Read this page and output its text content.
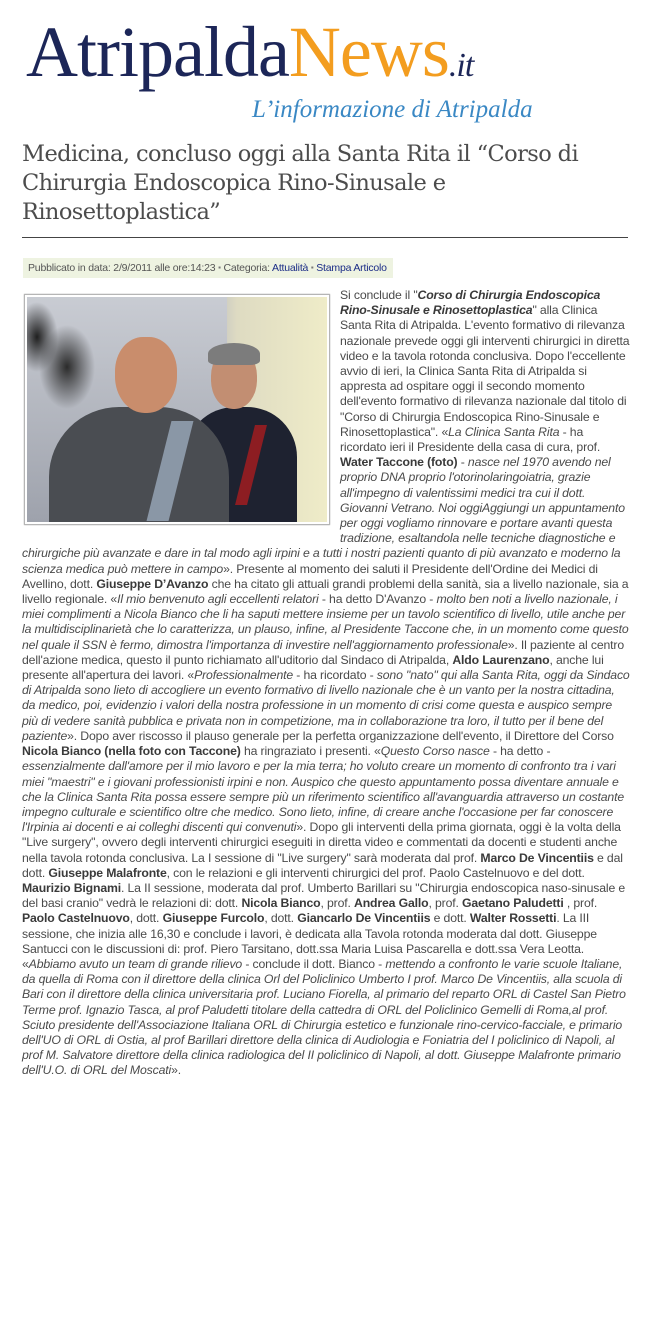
AtripaldaNews.it
L’informazione di Atripalda
Medicina, concluso oggi alla Santa Rita il “Corso di Chirurgia Endoscopica Rino-Sinusale e Rinosettoplastica”
Pubblicato in data: 2/9/2011 alle ore:14:23 ▪ Categoria: Attualità ▪ Stampa Articolo

Si conclude il "Corso di Chirurgia Endoscopica Rino-Sinusale e Rinosettoplastica" alla Clinica Santa Rita di Atripalda. L'evento formativo di rilevanza nazionale prevede oggi gli interventi chirurgici in diretta video e la tavola rotonda conclusiva. Dopo l'eccellente avvio di ieri, la Clinica Santa Rita di Atripalda si appresta ad ospitare oggi il secondo momento dell'evento formativo di rilevanza nazionale dal titolo di "Corso di Chirurgia Endoscopica Rino-Sinusale e Rinosettoplastica". «La Clinica Santa Rita - ha ricordato ieri il Presidente della casa di cura, prof. Water Taccone (foto) - nasce nel 1970 avendo nel proprio DNA proprio l'otorinolaringoiatria, grazie all'impegno di valentissimi medici tra cui il dott. Giovanni Vetrano. Noi oggiAggiungi un appuntamento per oggi vogliamo rinnovare e portare avanti questa tradizione, esaltandola nelle tecniche diagnostiche e chirurgiche più avanzate e dare in tal modo agli irpini e a tutti i nostri pazienti quanto di più avanzato e moderno la scienza medica può mettere in campo». Presente al momento dei saluti il Presidente dell'Ordine dei Medici di Avellino, dott. Giuseppe D’Avanzo che ha citato gli attuali grandi problemi della sanità, sia a livello nazionale, sia a livello regionale. «Il mio benvenuto agli eccellenti relatori - ha detto D'Avanzo - molto ben noti a livello nazionale, i miei complimenti a Nicola Bianco che li ha saputi mettere insieme per un tavolo scientifico di livello, utile anche per la multidisciplinarietà che lo caratterizza, un plauso, infine, al Presidente Taccone che, in un momento come questo nel quale il SSN è fermo, dimostra l'importanza di investire nell'aggiornamento professionale». Il paziente al centro dell'azione medica, questo il punto richiamato all'uditorio dal Sindaco di Atripalda, Aldo Laurenzano, anche lui presente all'apertura dei lavori. «Professionalmente - ha ricordato - sono "nato" qui alla Santa Rita, oggi da Sindaco di Atripalda sono lieto di accogliere un evento formativo di livello nazionale che è un vanto per la nostra cittadina, da medico, poi, evidenzio i valori della nostra professione in un momento di crisi come questa e auspico sempre più di vedere sanità pubblica e privata non in competizione, ma in collaborazione tra loro, il tutto per il bene del paziente». Dopo aver riscosso il plauso generale per la perfetta organizzazione dell'evento, il Direttore del Corso Nicola Bianco (nella foto con Taccone) ha ringraziato i presenti. «Questo Corso nasce - ha detto - essenzialmente dall'amore per il mio lavoro e per la mia terra; ho voluto creare un momento di confronto tra i vari miei "maestri" e i giovani professionisti irpini e non. Auspico che questo appuntamento possa diventare annuale e che la Clinica Santa Rita possa essere sempre più un riferimento scientifico all'avanguardia attraverso un costante impegno culturale e scientifico oltre che medico. Sono lieto, infine, di creare anche l'occasione per far conoscere l'Irpinia ai docenti e ai colleghi discenti qui convenuti». Dopo gli interventi della prima giornata, oggi è la volta della "Live surgery", ovvero degli interventi chirurgici eseguiti in diretta video e commentati da docenti e studenti anche nella tavola rotonda conclusiva. La I sessione di "Live surgery" sarà moderata dal prof. Marco De Vincentiis e dal dott. Giuseppe Malafronte, con le relazioni e gli interventi chirurgici del prof. Paolo Castelnuovo e del dott. Maurizio Bignami. La II sessione, moderata dal prof. Umberto Barillari su "Chirurgia endoscopica naso-sinusale e del basi cranio" vedrà le relazioni di: dott. Nicola Bianco, prof. Andrea Gallo, prof. Gaetano Paludetti , prof. Paolo Castelnuovo, dott. Giuseppe Furcolo, dott. Giancarlo De Vincentiis e dott. Walter Rossetti. La III sessione, che inizia alle 16,30 e conclude i lavori, è dedicata alla Tavola rotonda moderata dal dott. Giuseppe Santucci con le discussioni di: prof. Piero Tarsitano, dott.ssa Maria Luisa Pascarella e dott.ssa Vera Leotta. «Abbiamo avuto un team di grande rilievo - conclude il dott. Bianco - mettendo a confronto le varie scuole Italiane, da quella di Roma con il direttore della clinica Orl del Policlinico Umberto I prof. Marco De Vincentiis, alla scuola di Bari con il direttore della clinica universitaria prof. Luciano Fiorella, al primario del reparto ORL di Castel San Pietro Terme prof. Ignazio Tasca, al prof Paludetti titolare della cattedra di ORL del Policlinico Gemelli di Roma,al prof. Sciuto presidente dell'Associazione Italiana ORL di Chirurgia estetico e funzionale rino-cervico-facciale, e primario dell'UO di ORL di Ostia, al prof Barillari direttore della clinica di Audiologia e Foniatria del I policlinico di Napoli, al prof M. Salvatore direttore della clinica radiologica del II policlinico di Napoli, al dott. Giuseppe Malafronte primario dell'U.O. di ORL del Moscati».
